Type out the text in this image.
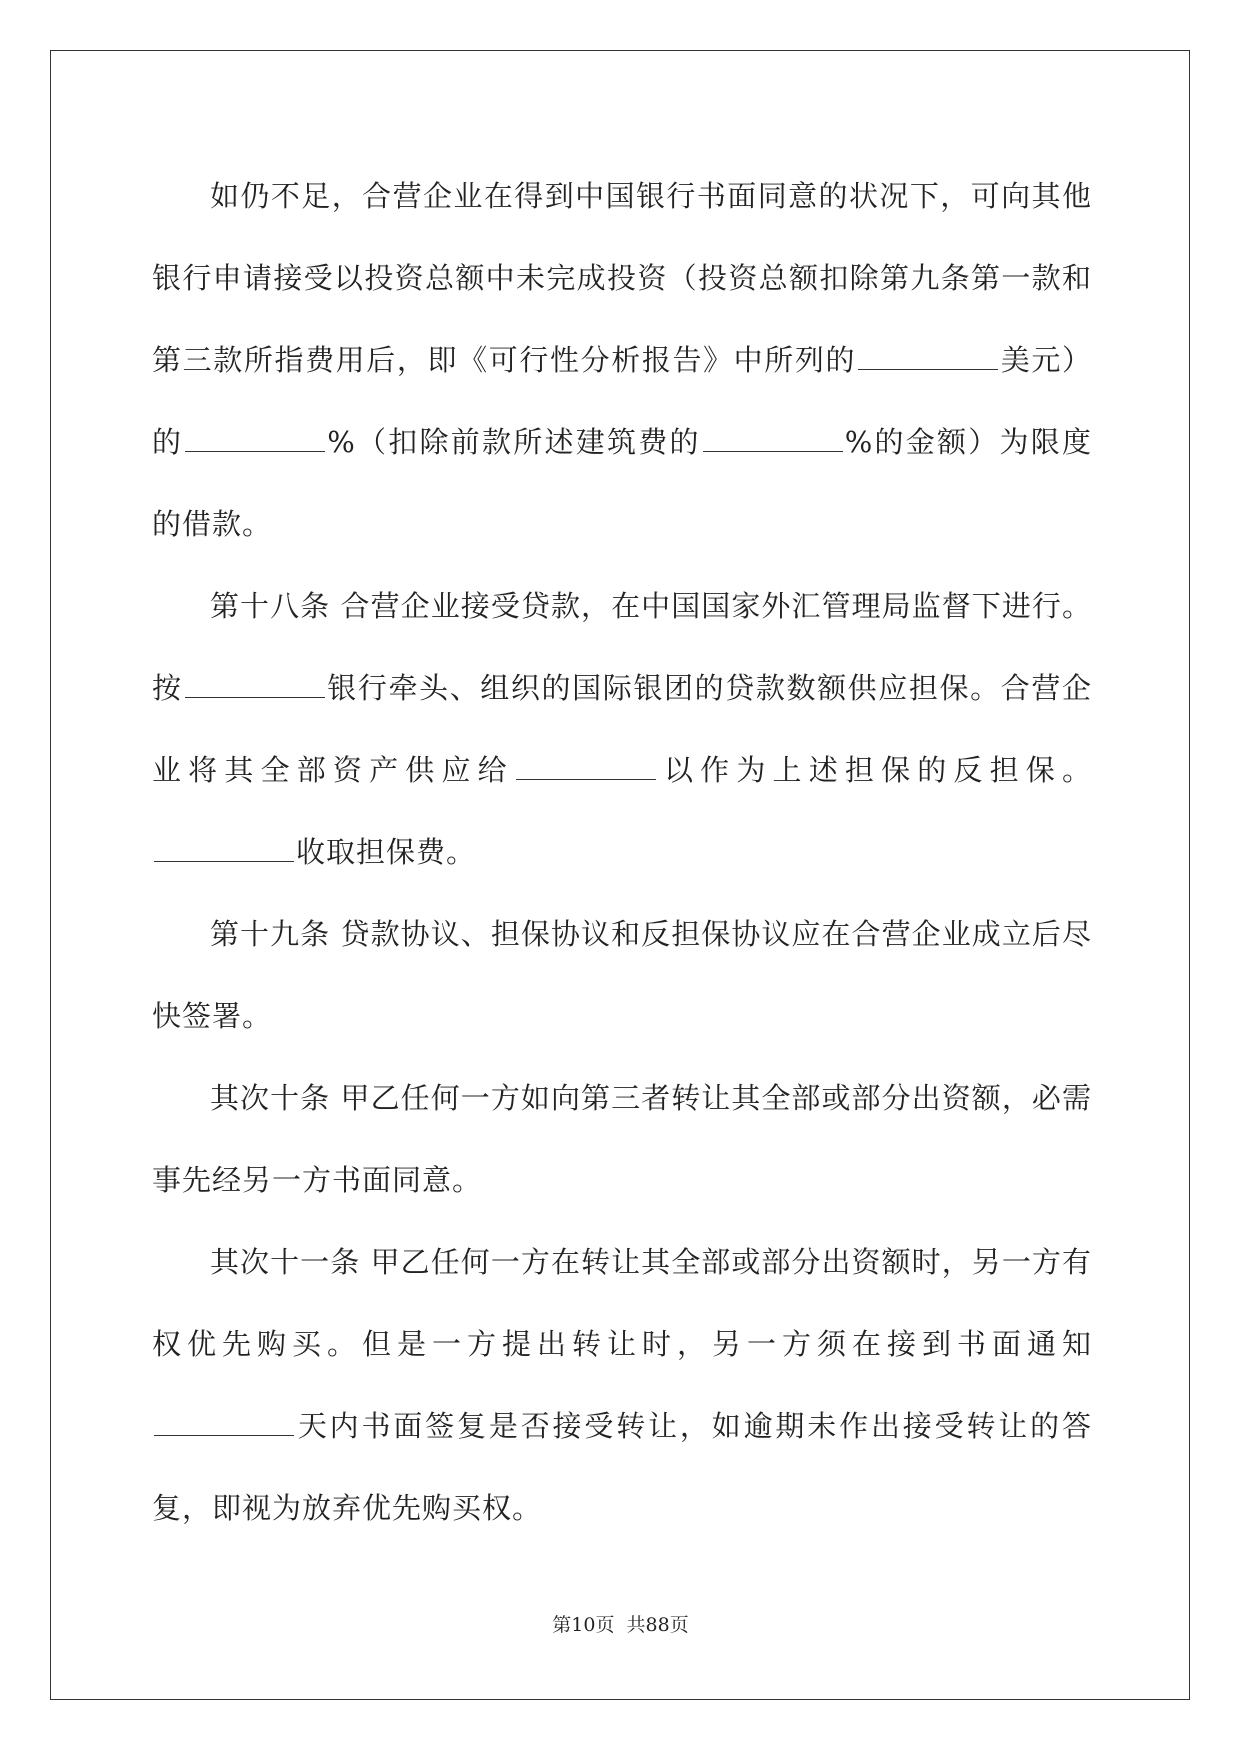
如仍不足，合营企业在得到中国银行书面同意的状况下，可向其他银行申请接受以投资总额中未完成投资（投资总额扣除第九条第一款和第三款所指费用后，即《可行性分析报告》中所列的	美元）的	%（扣除前款所述建筑费的	%的金额）为限度的借款。

第十八条 合营企业接受贷款，在中国国家外汇管理局监督下进行。按	银行牵头、组织的国际银团的贷款数额供应担保。合营企业将其全部资产供应给	以作为上述担保的反担保。收取担保费。

第十九条 贷款协议、担保协议和反担保协议应在合营企业成立后尽快签署。

其次十条 甲乙任何一方如向第三者转让其全部或部分出资额，必需事先经另一方书面同意。

其次十一条 甲乙任何一方在转让其全部或部分出资额时，另一方有权优先购买。但是一方提出转让时，另一方须在接到书面通知天内书面签复是否接受转让，如逾期未作出接受转让的答复，即视为放弃优先购买权。

第10页 共88页
